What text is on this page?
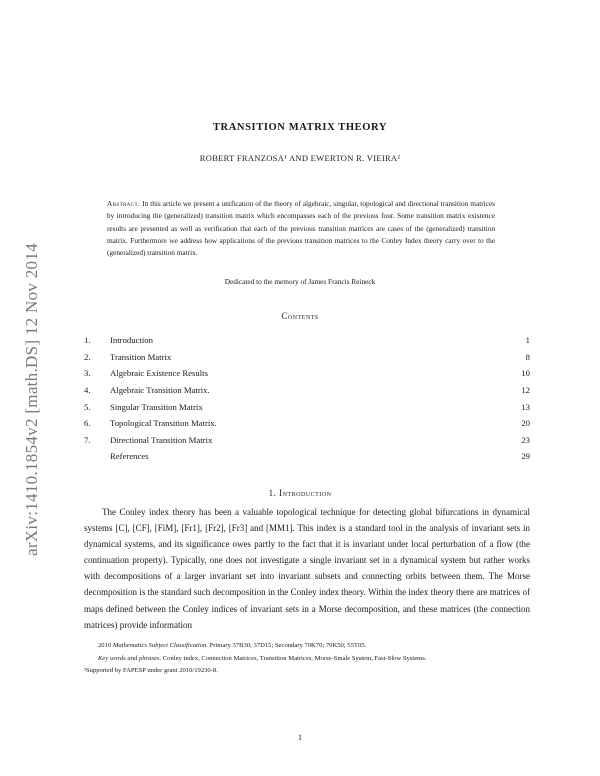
arXiv:1410.1854v2 [math.DS] 12 Nov 2014
TRANSITION MATRIX THEORY
ROBERT FRANZOSA¹ AND EWERTON R. VIEIRA²
Abstract. In this article we present a unification of the theory of algebraic, singular, topological and directional transition matrices by introducing the (generalized) transition matrix which encompasses each of the previous four. Some transition matrix existence results are presented as well as verification that each of the previous transition matrices are cases of the (generalized) transition matrix. Furthermore we address how applications of the previous transition matrices to the Conley Index theory carry over to the (generalized) transition matrix.
Dedicated to the memory of James Francis Reineck
Contents
1.	Introduction	1
2.	Transition Matrix	8
3.	Algebraic Existence Results	10
4.	Algebraic Transition Matrix.	12
5.	Singular Transition Matrix	13
6.	Topological Transition Matrix.	20
7.	Directional Transition Matrix	23
References	29
1. Introduction

The Conley index theory has been a valuable topological technique for detecting global bifurcations in dynamical systems [C], [CF], [FiM], [Fr1], [Fr2], [Fr3] and [MM1]. This index is a standard tool in the analysis of invariant sets in dynamical systems, and its significance owes partly to the fact that it is invariant under local perturbation of a flow (the continuation property). Typically, one does not investigate a single invariant set in a dynamical system but rather works with decompositions of a larger invariant set into invariant subsets and connecting orbits between them. The Morse decomposition is the standard such decomposition in the Conley index theory. Within the index theory there are matrices of maps defined between the Conley indices of invariant sets in a Morse decomposition, and these matrices (the connection matrices) provide information

2010 Mathematics Subject Classification. Primary 37B30; 37D15; Secondary 70K70; 70K50; 55T05.
Key words and phrases. Conley index, Connection Matrices, Transition Matrices, Morse-Smale System, Fast-Slow Systems.
²Supported by FAPESP under grant 2010/19230-8.
1
